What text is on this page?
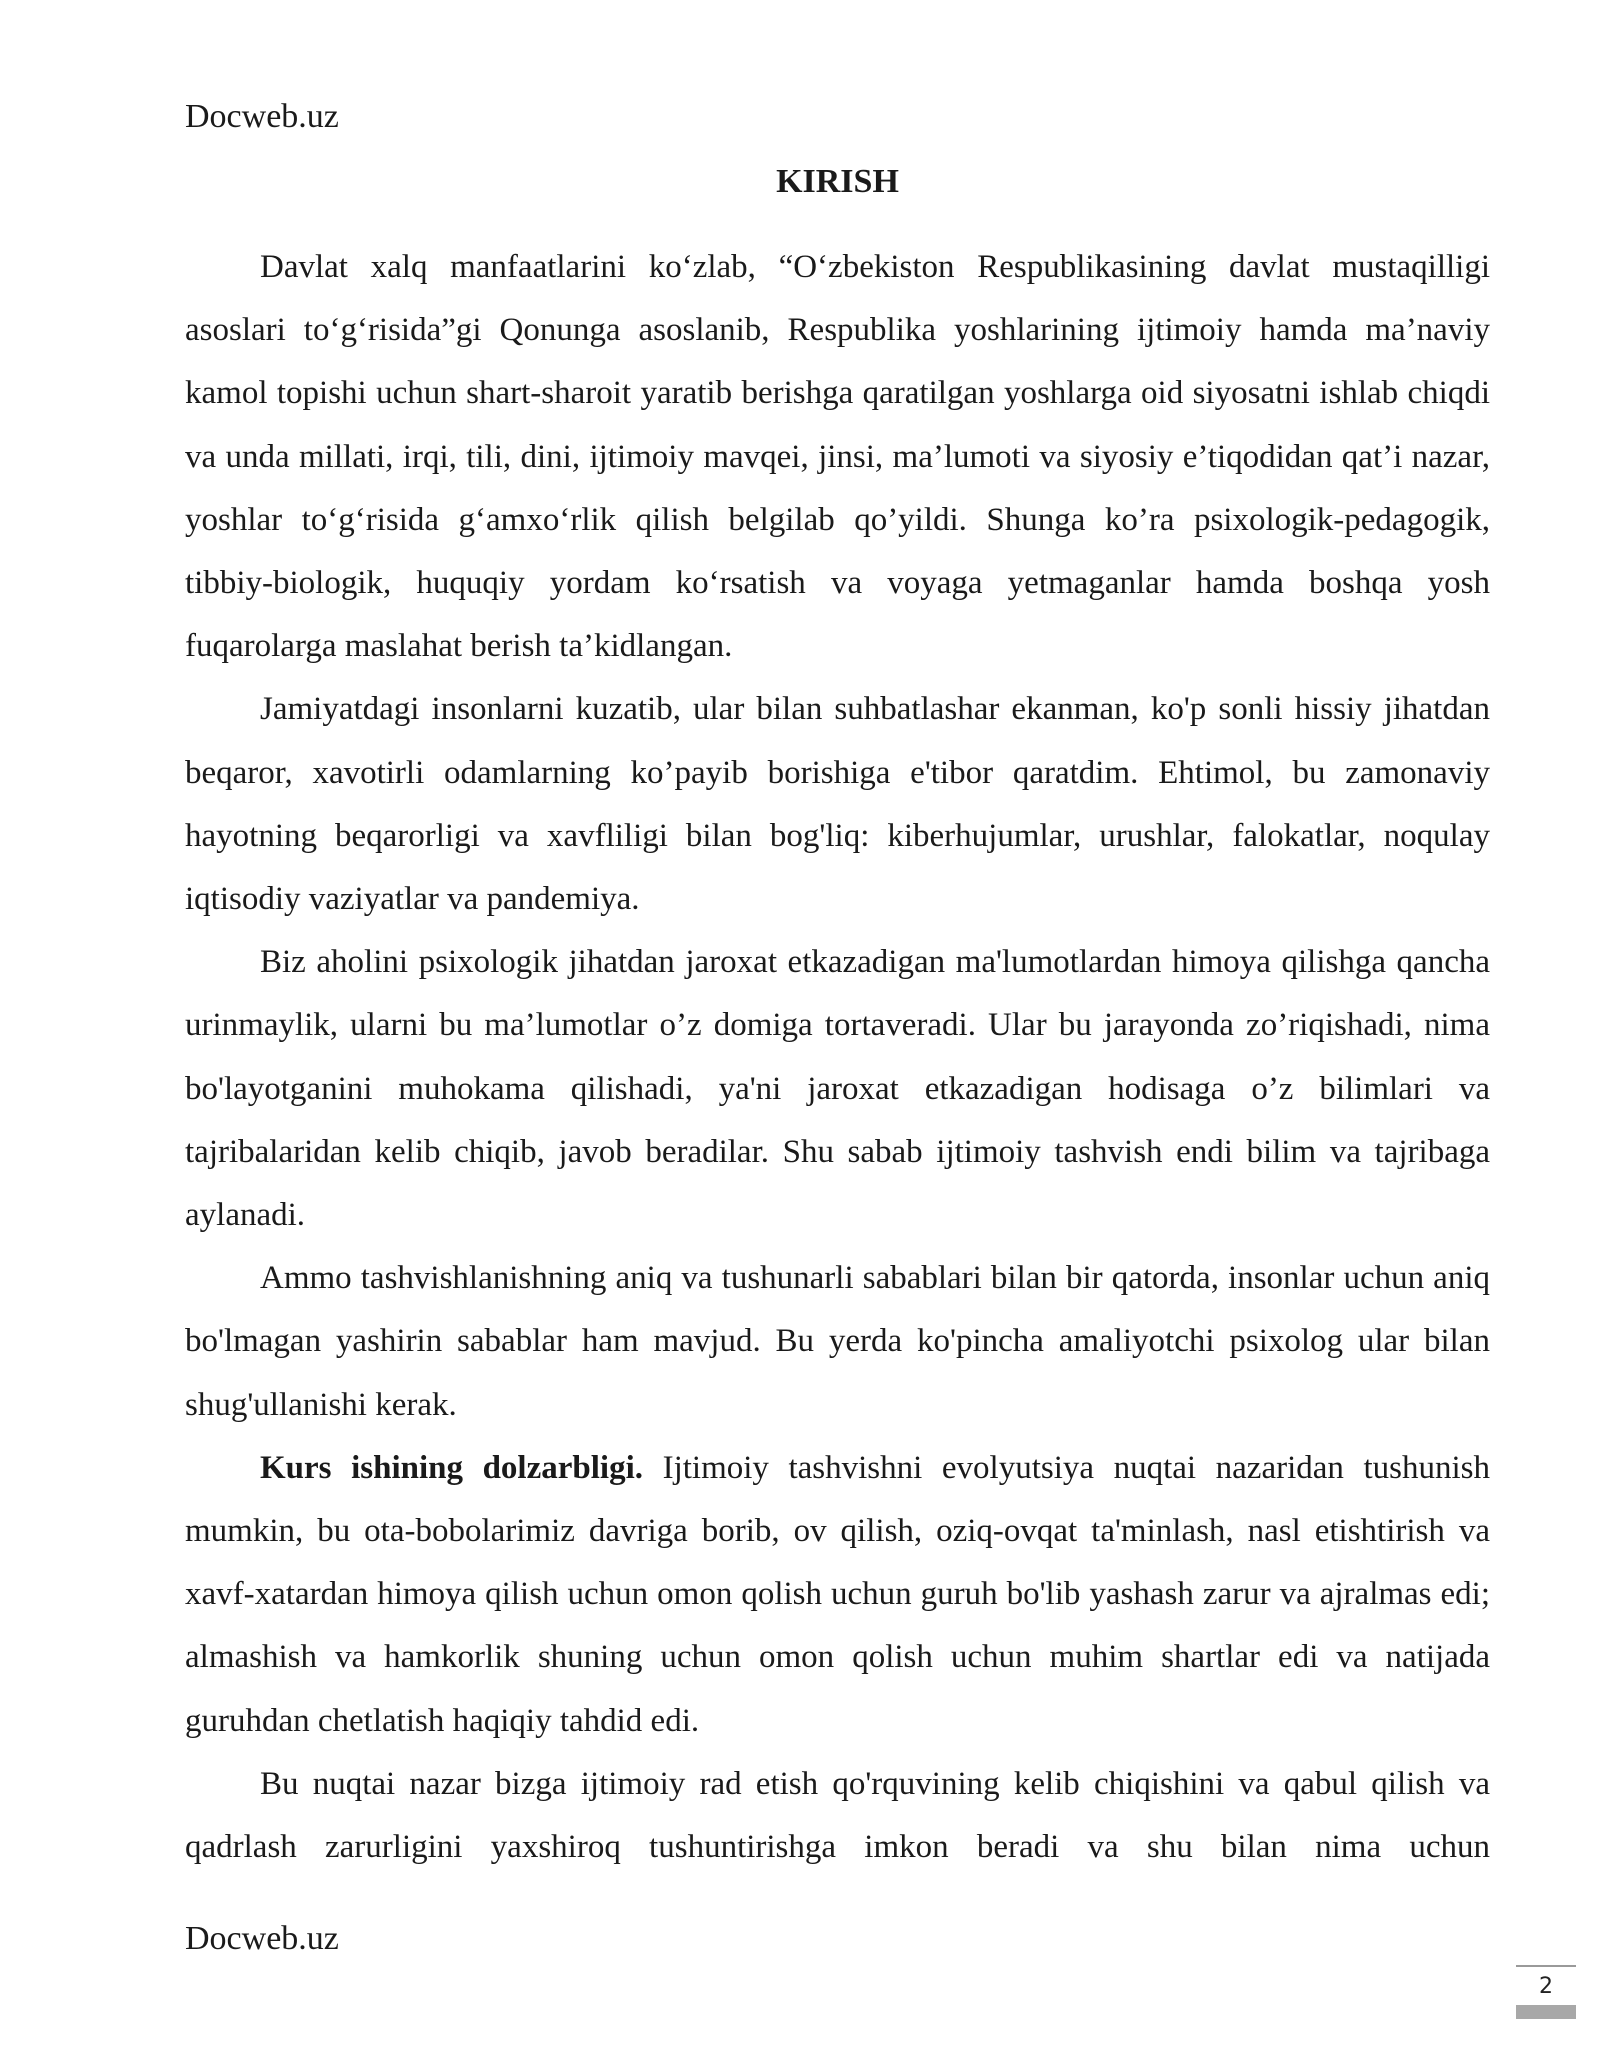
Docweb.uz
KIRISH

Davlat xalq manfaatlarini ko‘zlab, “O‘zbekiston Respublikasining davlat mustaqilligi asoslari to‘g‘risida”gi Qonunga asoslanib, Respublika yoshlarining ijtimoiy hamda ma’naviy kamol topishi uchun shart-sharoit yaratib berishga qaratilgan yoshlarga oid siyosatni ishlab chiqdi va unda millati, irqi, tili, dini, ijtimoiy mavqei, jinsi, ma’lumoti va siyosiy e’tiqodidan qat’i nazar, yoshlar to‘g‘risida g‘amxo‘rlik qilish belgilab qo’yildi. Shunga ko’ra psixologik-pedagogik, tibbiy-biologik, huquqiy yordam ko‘rsatish va voyaga yetmaganlar hamda boshqa yosh fuqarolarga maslahat berish ta’kidlangan.

Jamiyatdagi insonlarni kuzatib, ular bilan suhbatlashar ekanman, ko'p sonli hissiy jihatdan beqaror, xavotirli odamlarning ko’payib borishiga e'tibor qaratdim. Ehtimol, bu zamonaviy hayotning beqarorligi va xavfliligi bilan bog'liq: kiberhujumlar, urushlar, falokatlar, noqulay iqtisodiy vaziyatlar va pandemiya.

Biz aholini psixologik jihatdan jaroxat etkazadigan ma'lumotlardan himoya qilishga qancha urinmaylik, ularni bu ma’lumotlar o’z domiga tortaveradi. Ular bu jarayonda zo’riqishadi, nima bo'layotganini muhokama qilishadi, ya'ni jaroxat etkazadigan hodisaga o’z bilimlari va tajribalaridan kelib chiqib, javob beradilar. Shu sabab ijtimoiy tashvish endi bilim va tajribaga aylanadi.

Ammo tashvishlanishning aniq va tushunarli sabablari bilan bir qatorda, insonlar uchun aniq bo'lmagan yashirin sabablar ham mavjud. Bu yerda ko'pincha amaliyotchi psixolog ular bilan shug'ullanishi kerak.

Kurs ishining dolzarbligi. Ijtimoiy tashvishni evolyutsiya nuqtai nazaridan tushunish mumkin, bu ota-bobolarimiz davriga borib, ov qilish, oziq-ovqat ta'minlash, nasl etishtirish va xavf-xatardan himoya qilish uchun omon qolish uchun guruh bo'lib yashash zarur va ajralmas edi; almashish va hamkorlik shuning uchun omon qolish uchun muhim shartlar edi va natijada guruhdan chetlatish haqiqiy tahdid edi.

Bu nuqtai nazar bizga ijtimoiy rad etish qo'rquvining kelib chiqishini va qabul qilish va qadrlash zarurligini yaxshiroq tushuntirishga imkon beradi va shu bilan nima uchun

Docweb.uz
2
